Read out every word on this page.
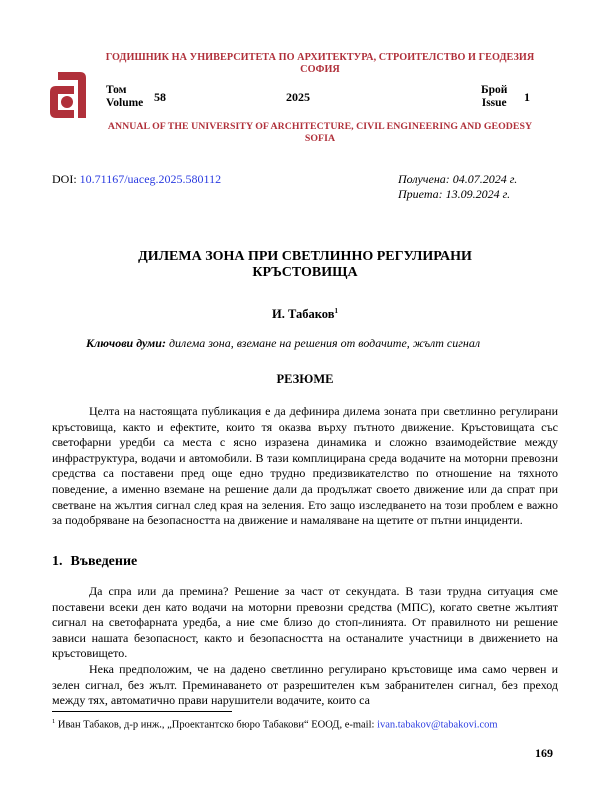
ГОДИШНИК НА УНИВЕРСИТЕТА ПО АРХИТЕКТУРА, СТРОИТЕЛСТВО И ГЕОДЕЗИЯ
СОФИЯ
Том
Volume 58	2025	Брой
Issue 1
ANNUAL OF THE UNIVERSITY OF ARCHITECTURE, CIVIL ENGINEERING AND GEODESY
SOFIA
DOI: 10.71167/uaceg.2025.580112	Получена: 04.07.2024 г.
Приета: 13.09.2024 г.
ДИЛЕМА ЗОНА ПРИ СВЕТЛИННО РЕГУЛИРАНИ
КРЪСТОВИЩА
И. Табаков$^1$
Ключови думи: дилема зона, вземане на решения от водачите, жълт сигнал
РЕЗЮМЕ

Целта на настоящата публикация е да дефинира дилема зоната при светлинно регулирани кръстовища, както и ефектите, които тя оказва върху пътното движение. Кръстовищата със светофарни уредби са места с ясно изразена динамика и сложно взаимодействие между инфраструктура, водачи и автомобили. В тази комплицирана среда водачите на моторни превозни средства са поставени пред още едно трудно предизвикателство по отношение на тяхното поведение, а именно вземане на решение дали да продължат своето движение или да спрат при светване на жълтия сигнал след края на зеления. Ето защо изследването на този проблем е важно за подобряване на безопасността на движение и намаляване на щетите от пътни инциденти.

1. Въведение

Да спра или да премина? Решение за част от секундата. В тази трудна ситуация сме поставени всеки ден като водачи на моторни превозни средства (МПС), когато светне жълтият сигнал на светофарната уредба, а ние сме близо до стоп-линията. От правилното ни решение зависи нашата безопасност, както и безопасността на останалите участници в движението на кръстовището.

Нека предположим, че на дадено светлинно регулирано кръстовище има само червен и зелен сигнал, без жълт. Преминаването от разрешителен към забранителен сигнал, без преход между тях, автоматично прави нарушители водачите, които са

$^1$ Иван Табаков, д-р инж., „Проектантско бюро Табакови“ ЕООД, e-mail: ivan.tabakov@tabakovi.com
169
